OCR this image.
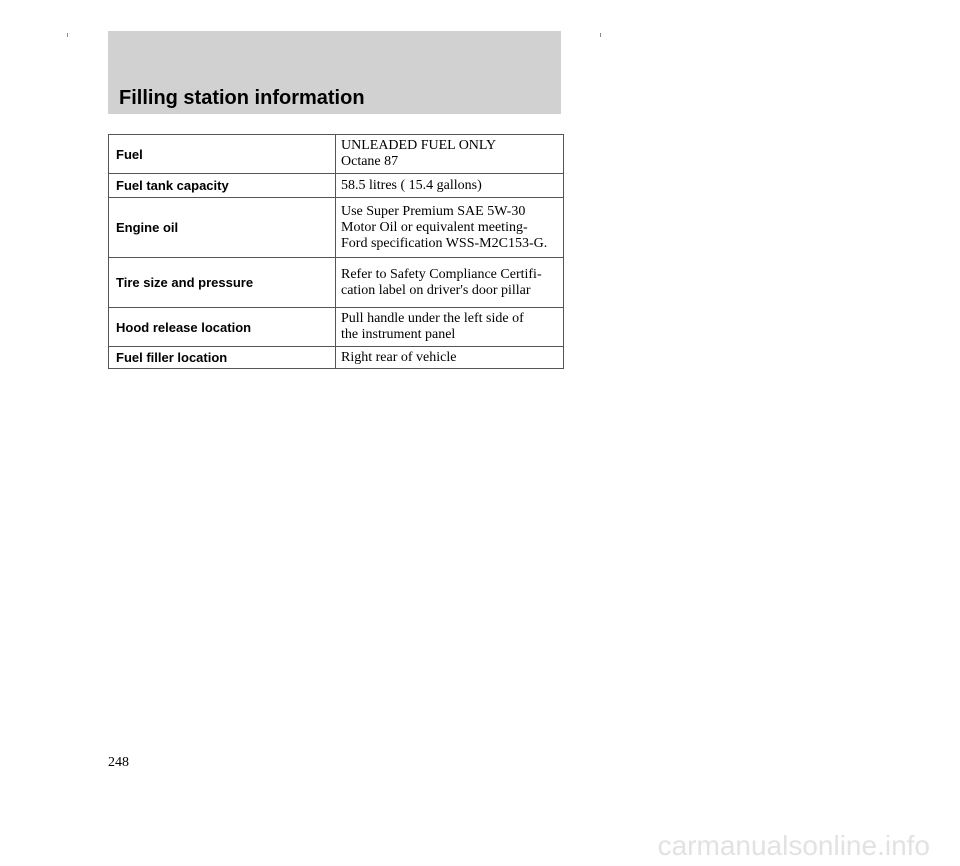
Filling station information
Fuel	UNLEADED FUEL ONLY
Octane 87
Fuel tank capacity	58.5 litres ( 15.4 gallons)
Engine oil	Use Super Premium SAE 5W-30
Motor Oil or equivalent meeting-
Ford specification WSS-M2C153-G.
Tire size and pressure	Refer to Safety Compliance Certifi-
cation label on driver's door pillar
Hood release location	Pull handle under the left side of
the instrument panel
Fuel filler location	Right rear of vehicle
248
carmanualsonline.info
